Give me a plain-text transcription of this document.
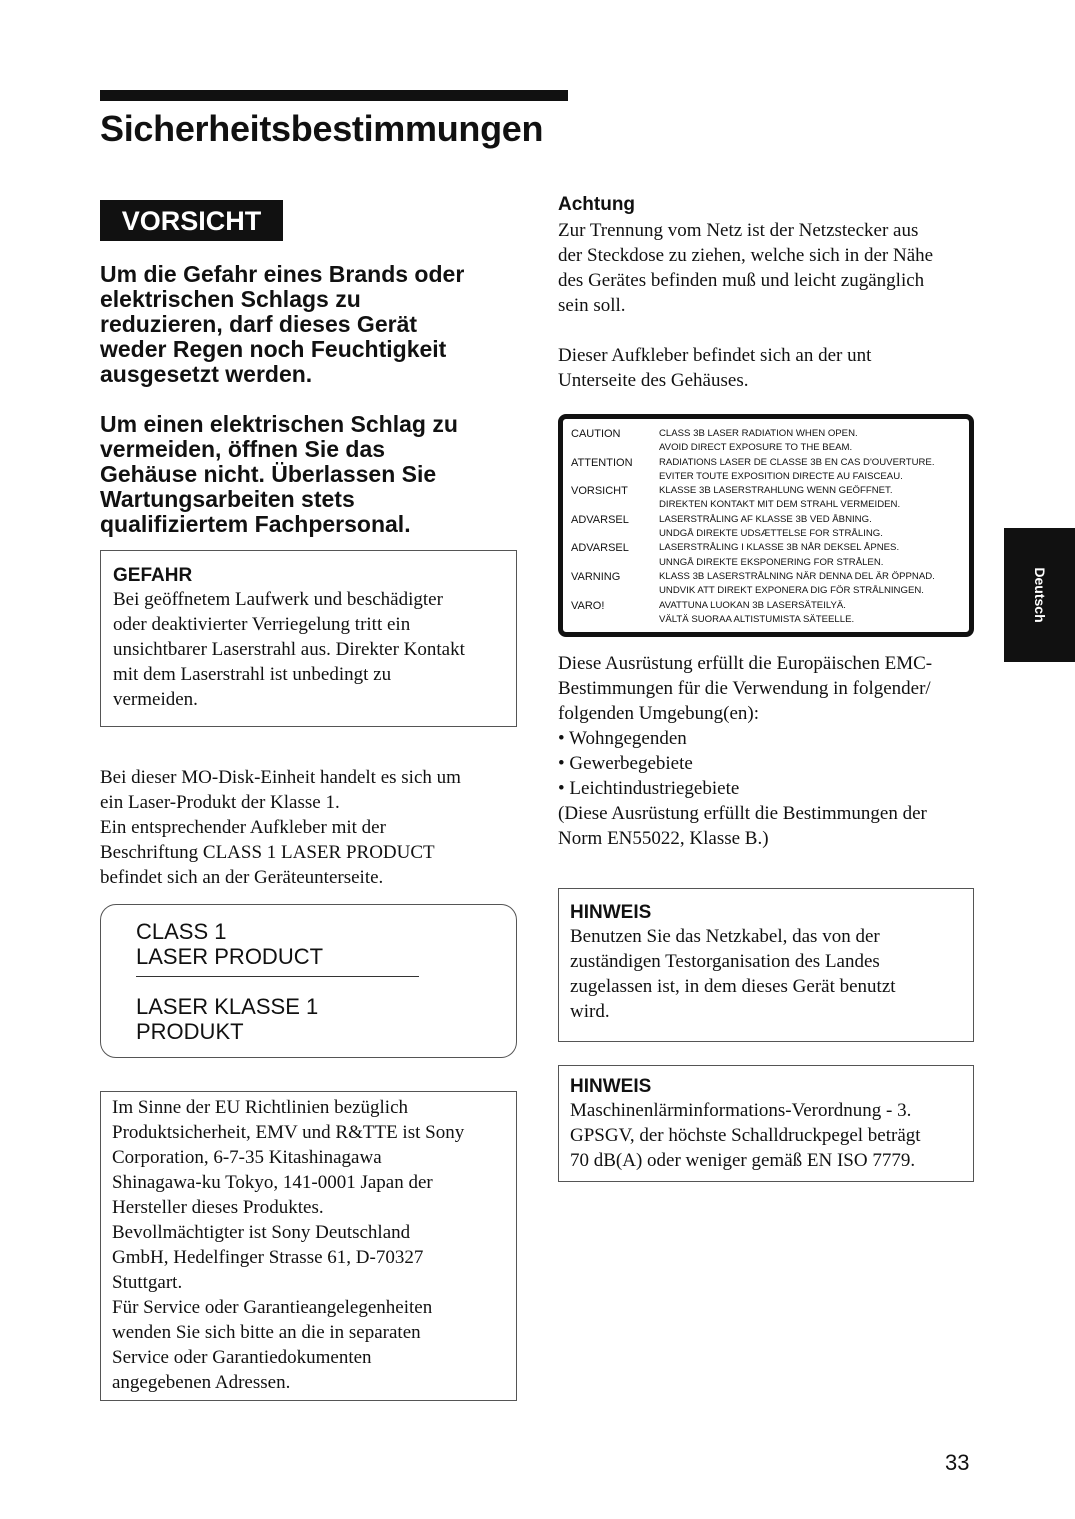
Sicherheitsbestimmungen
VORSICHT
Um die Gefahr eines Brands oder
elektrischen Schlags zu
reduzieren, darf dieses Gerät
weder Regen noch Feuchtigkeit
ausgesetzt werden.
Um einen elektrischen Schlag zu
vermeiden, öffnen Sie das
Gehäuse nicht. Überlassen Sie
Wartungsarbeiten stets
qualifiziertem Fachpersonal.
GEFAHR
Bei geöffnetem Laufwerk und beschädigter
oder deaktivierter Verriegelung tritt ein
unsichtbarer Laserstrahl aus. Direkter Kontakt
mit dem Laserstrahl ist unbedingt zu
vermeiden.
Bei dieser MO-Disk-Einheit handelt es sich um
ein Laser-Produkt der Klasse 1.
Ein entsprechender Aufkleber mit der
Beschriftung CLASS 1 LASER PRODUCT
befindet sich an der Geräteunterseite.
CLASS 1
LASER PRODUCT
LASER KLASSE 1
PRODUKT
Im Sinne der EU Richtlinien bezüglich
Produktsicherheit, EMV und R&TTE ist Sony
Corporation, 6-7-35 Kitashinagawa
Shinagawa-ku Tokyo, 141-0001 Japan der
Hersteller dieses Produktes.
Bevollmächtigter ist Sony Deutschland
GmbH, Hedelfinger Strasse 61, D-70327
Stuttgart.
Für Service oder Garantieangelegenheiten
wenden Sie sich bitte an die in separaten
Service oder Garantiedokumenten
angegebenen Adressen.
Achtung
Zur Trennung vom Netz ist der Netzstecker aus
der Steckdose zu ziehen, welche sich in der Nähe
des Gerätes befinden muß und leicht zugänglich
sein soll.
Dieser Aufkleber befindet sich an der unt
Unterseite des Gehäuses.
CAUTION	CLASS 3B LASER RADIATION WHEN OPEN.
AVOID DIRECT EXPOSURE TO THE BEAM.
ATTENTION	RADIATIONS LASER DE CLASSE 3B EN CAS D'OUVERTURE.
EVITER TOUTE EXPOSITION DIRECTE AU FAISCEAU.
VORSICHT	KLASSE 3B LASERSTRAHLUNG WENN GEÖFFNET.
DIREKTEN KONTAKT MIT DEM STRAHL VERMEIDEN.
ADVARSEL	LASERSTRÅLING AF KLASSE 3B VED ÅBNING.
UNDGÅ DIREKTE UDSÆTTELSE FOR STRÅLING.
ADVARSEL	LASERSTRÅLING I KLASSE 3B NÅR DEKSEL ÅPNES.
UNNGÅ DIREKTE EKSPONERING FOR STRÅLEN.
VARNING	KLASS 3B LASERSTRÅLNING NÄR DENNA DEL ÄR ÖPPNAD.
UNDVIK ATT DIREKT EXPONERA DIG FÖR STRÅLNINGEN.
VARO!	AVATTUNA LUOKAN 3B LASERSÄTEILYÄ.
VÄLTÄ SUORAA ALTISTUMISTA SÄTEELLE.
Diese Ausrüstung erfüllt die Europäischen EMC-
Bestimmungen für die Verwendung in folgender/
folgenden Umgebung(en):
• Wohngegenden
• Gewerbegebiete
• Leichtindustriegebiete
(Diese Ausrüstung erfüllt die Bestimmungen der
Norm EN55022, Klasse B.)
HINWEIS
Benutzen Sie das Netzkabel, das von der
zuständigen Testorganisation des Landes
zugelassen ist, in dem dieses Gerät benutzt
wird.
HINWEIS
Maschinenlärminformations-Verordnung - 3.
GPSGV, der höchste Schalldruckpegel beträgt
70 dB(A) oder weniger gemäß EN ISO 7779.
Deutsch
33
